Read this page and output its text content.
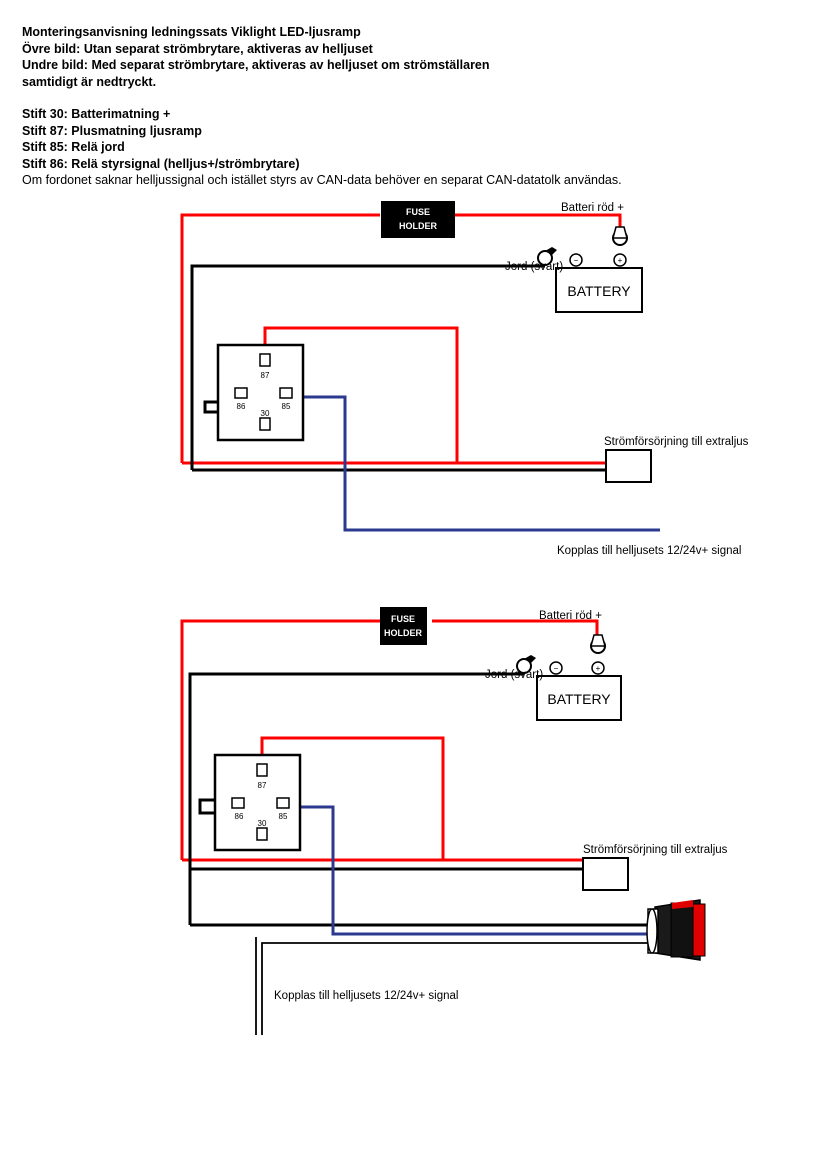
Monteringsanvisning ledningssats Viklight LED-ljusramp
Övre bild: Utan separat strömbrytare, aktiveras av helljuset
Undre bild: Med separat strömbrytare, aktiveras av helljuset om strömställaren
samtidigt är nedtryckt.
Stift 30: Batterimatning +
Stift 87: Plusmatning ljusramp
Stift 85: Relä jord
Stift 86: Relä styrsignal (helljus+/strömbrytare)
Om fordonet saknar helljussignal och istället styrs av CAN-data behöver en separat CAN-datatolk användas.
FUSE
HOLDER
BATTERY
−	+
87
86	85
30
Batteri röd +
Jord (svart)
Strömförsörjning till extraljus
Kopplas till helljusets 12/24v+ signal
FUSE
HOLDER
BATTERY
−	+
87
86	85
30
Batteri röd +
Jord (svart)
Strömförsörjning till extraljus
Kopplas till helljusets 12/24v+ signal
